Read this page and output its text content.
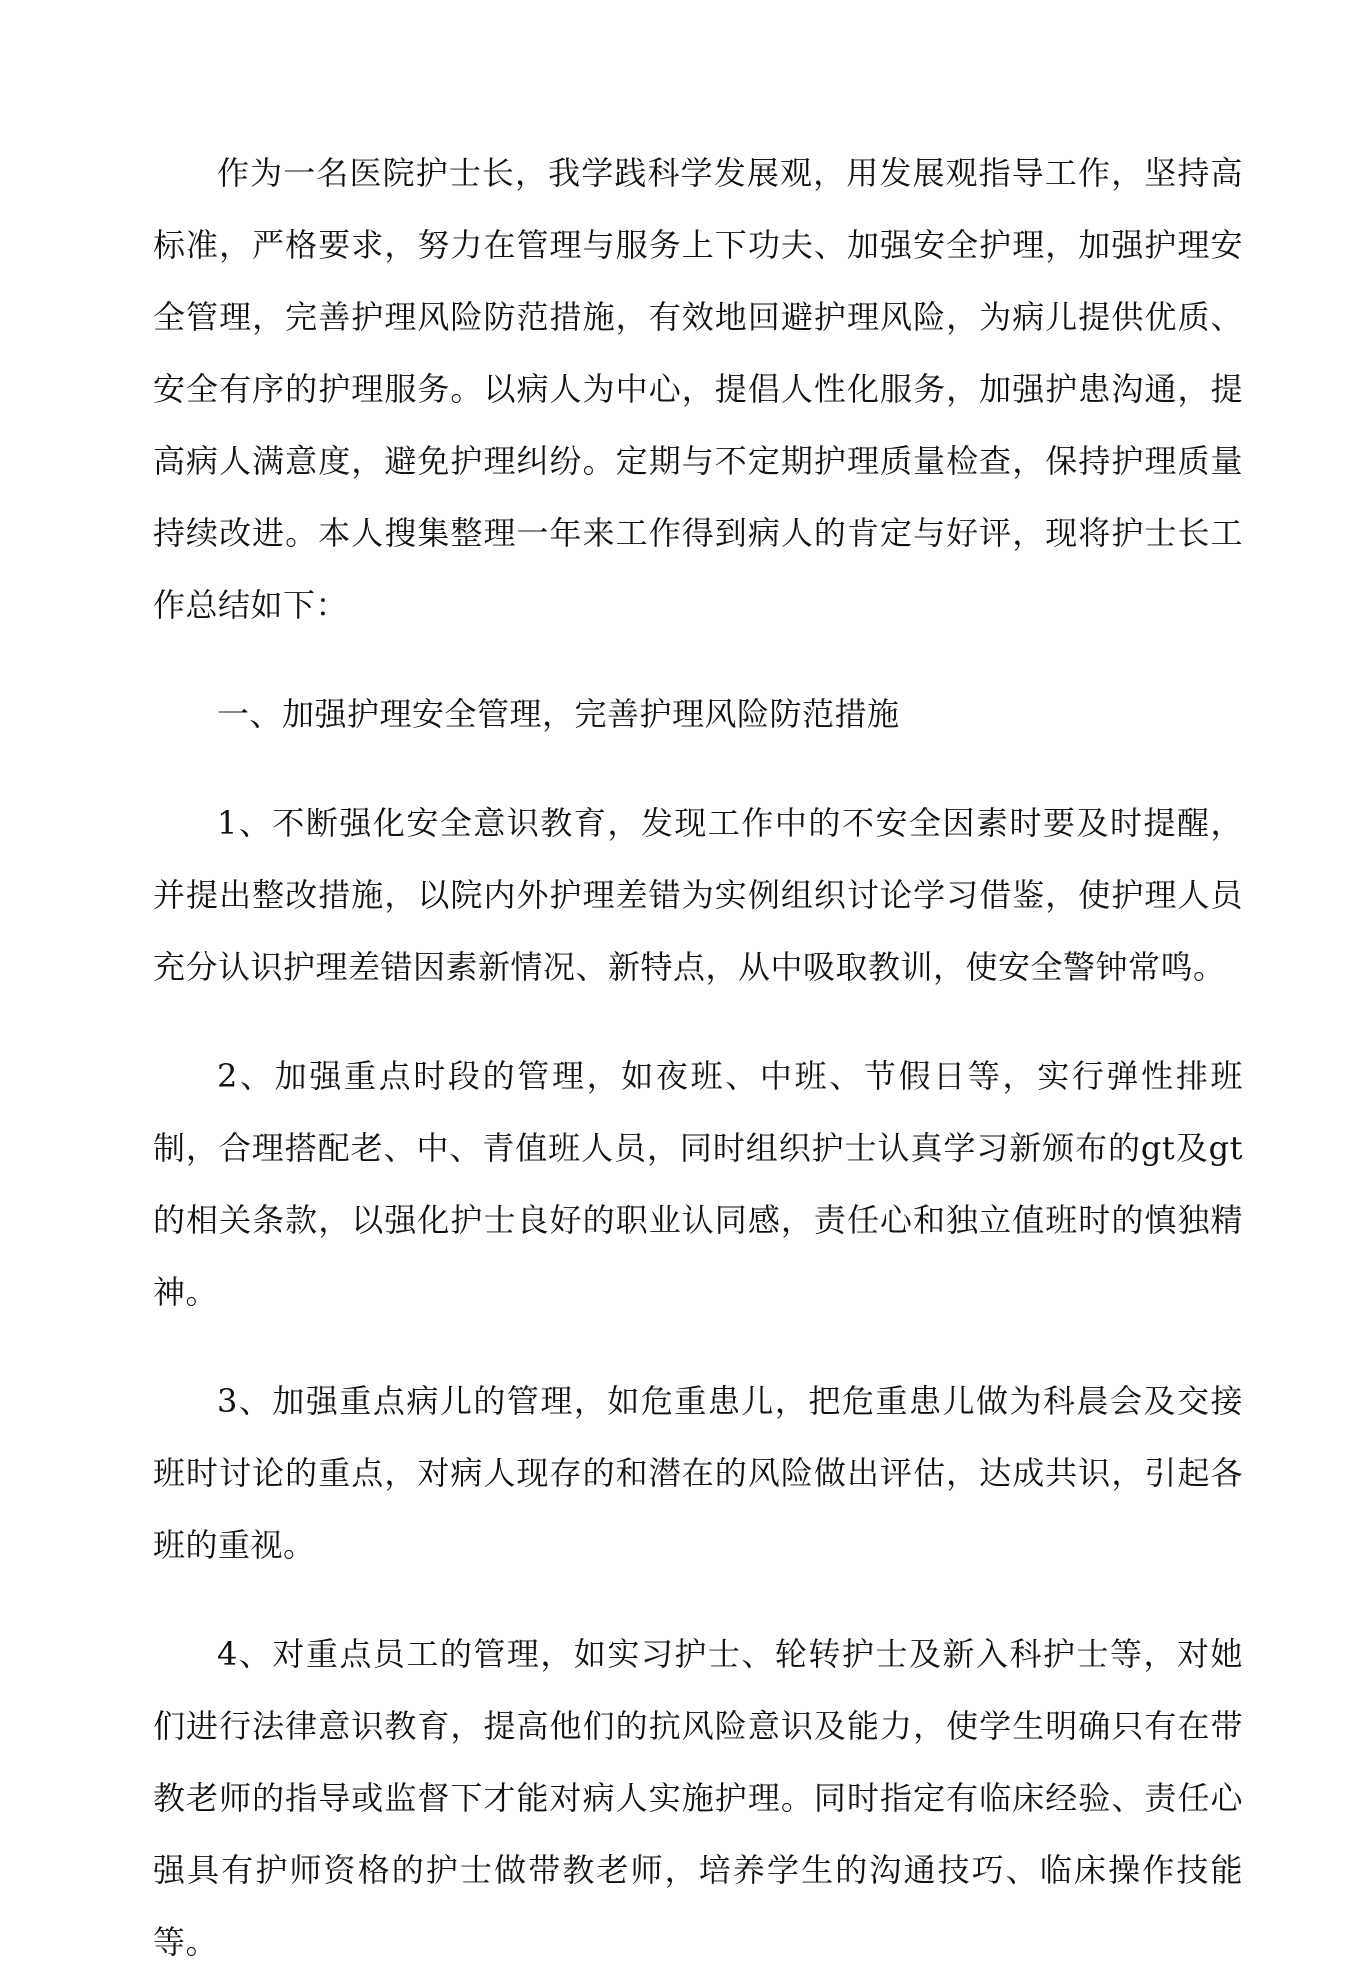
作为一名医院护士长，我学践科学发展观，用发展观指导工作，坚持高标准，严格要求，努力在管理与服务上下功夫、加强安全护理，加强护理安全管理，完善护理风险防范措施，有效地回避护理风险，为病儿提供优质、安全有序的护理服务。以病人为中心，提倡人性化服务，加强护患沟通，提高病人满意度，避免护理纠纷。定期与不定期护理质量检查，保持护理质量持续改进。本人搜集整理一年来工作得到病人的肯定与好评，现将护士长工作总结如下：

一、加强护理安全管理，完善护理风险防范措施

1、不断强化安全意识教育，发现工作中的不安全因素时要及时提醒，并提出整改措施，以院内外护理差错为实例组织讨论学习借鉴，使护理人员充分认识护理差错因素新情况、新特点，从中吸取教训，使安全警钟常鸣。

2、加强重点时段的管理，如夜班、中班、节假日等，实行弹性排班制，合理搭配老、中、青值班人员，同时组织护士认真学习新颁布的gt及gt的相关条款，以强化护士良好的职业认同感，责任心和独立值班时的慎独精神。

3、加强重点病儿的管理，如危重患儿，把危重患儿做为科晨会及交接班时讨论的重点，对病人现存的和潜在的风险做出评估，达成共识，引起各班的重视。

4、对重点员工的管理，如实习护士、轮转护士及新入科护士等，对她们进行法律意识教育，提高他们的抗风险意识及能力，使学生明确只有在带教老师的指导或监督下才能对病人实施护理。同时指定有临床经验、责任心强具有护师资格的护士做带教老师，培养学生的沟通技巧、临床操作技能等。
